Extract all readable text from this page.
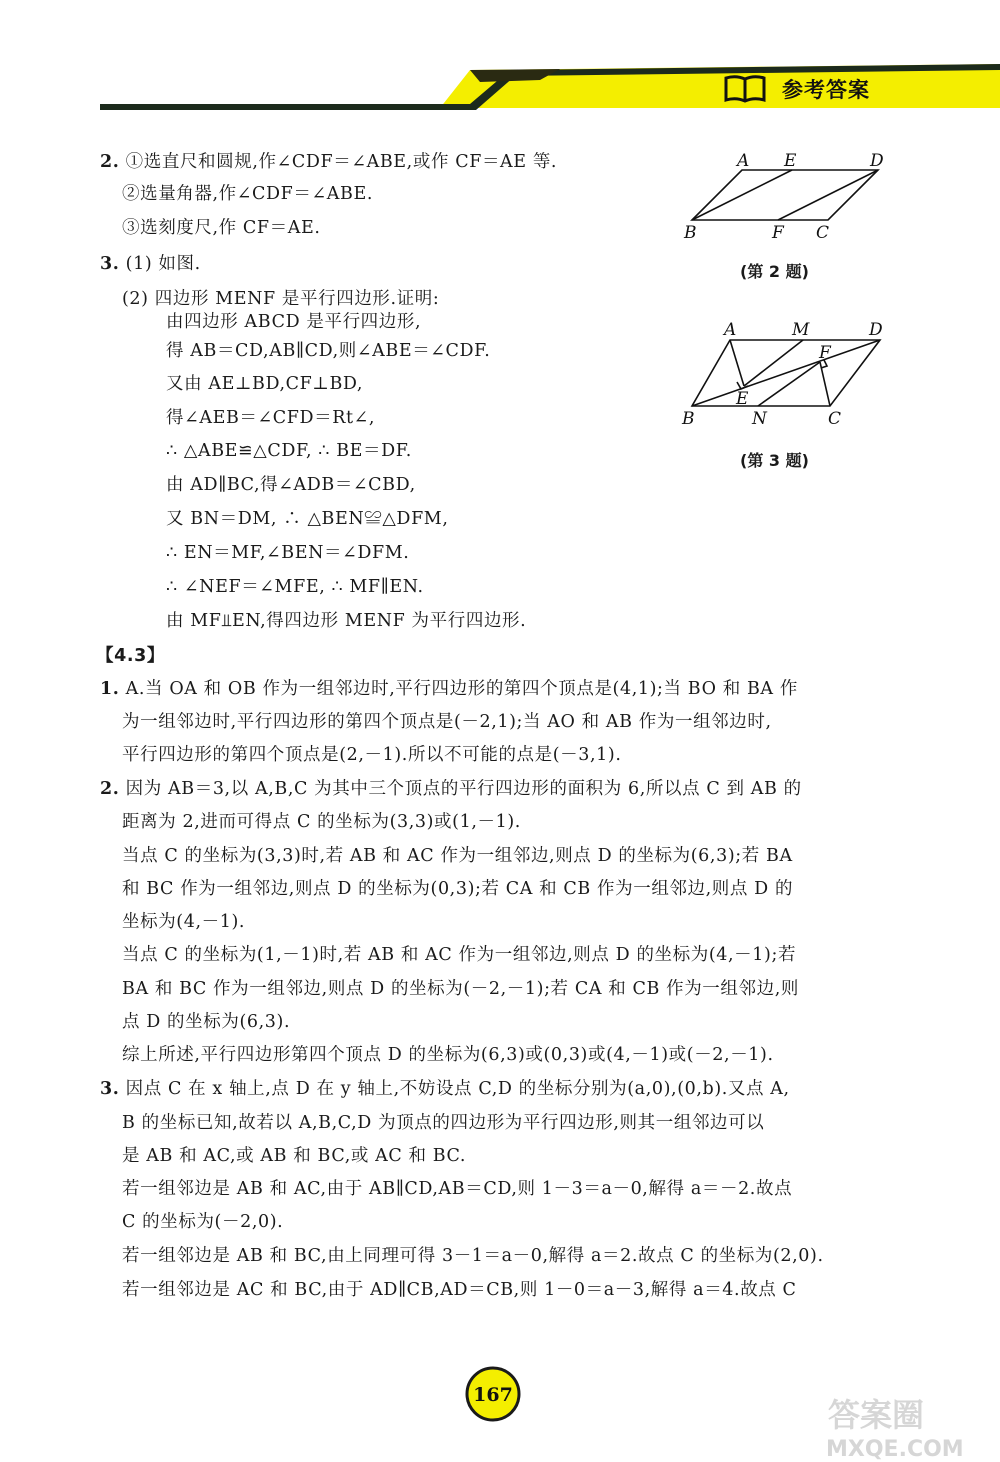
参考答案
2. ①选直尺和圆规,作∠CDF＝∠ABE,或作 CF＝AE 等.
②选量角器,作∠CDF＝∠ABE.
③选刻度尺,作 CF＝AE.
3. (1) 如图.
(2) 四边形 MENF 是平行四边形.证明:
由四边形 ABCD 是平行四边形,
得 AB＝CD,AB∥CD,则∠ABE＝∠CDF.
又由 AE⊥BD,CF⊥BD,
得∠AEB＝∠CFD＝Rt∠,
∴ △ABE≌△CDF, ∴ BE＝DF.
由 AD∥BC,得∠ADB＝∠CBD,
又 BN＝DM, ∴ △BEN≌△DFM,
∴ EN＝MF,∠BEN＝∠DFM.
∴ ∠NEF＝∠MFE, ∴ MF∥EN.
由 MF⫫EN,得四边形 MENF 为平行四边形.
【4.3】
1. A.当 OA 和 OB 作为一组邻边时,平行四边形的第四个顶点是(4,1);当 BO 和 BA 作
为一组邻边时,平行四边形的第四个顶点是(－2,1);当 AO 和 AB 作为一组邻边时,
平行四边形的第四个顶点是(2,－1).所以不可能的点是(－3,1).
2. 因为 AB＝3,以 A,B,C 为其中三个顶点的平行四边形的面积为 6,所以点 C 到 AB 的
距离为 2,进而可得点 C 的坐标为(3,3)或(1,－1).
当点 C 的坐标为(3,3)时,若 AB 和 AC 作为一组邻边,则点 D 的坐标为(6,3);若 BA
和 BC 作为一组邻边,则点 D 的坐标为(0,3);若 CA 和 CB 作为一组邻边,则点 D 的
坐标为(4,－1).
当点 C 的坐标为(1,－1)时,若 AB 和 AC 作为一组邻边,则点 D 的坐标为(4,－1);若
BA 和 BC 作为一组邻边,则点 D 的坐标为(－2,－1);若 CA 和 CB 作为一组邻边,则
点 D 的坐标为(6,3).
综上所述,平行四边形第四个顶点 D 的坐标为(6,3)或(0,3)或(4,－1)或(－2,－1).
3. 因点 C 在 x 轴上,点 D 在 y 轴上,不妨设点 C,D 的坐标分别为(a,0),(0,b).又点 A,
B 的坐标已知,故若以 A,B,C,D 为顶点的四边形为平行四边形,则其一组邻边可以
是 AB 和 AC,或 AB 和 BC,或 AC 和 BC.
若一组邻边是 AB 和 AC,由于 AB∥CD,AB＝CD,则 1－3＝a－0,解得 a＝－2.故点
C 的坐标为(－2,0).
若一组邻边是 AB 和 BC,由上同理可得 3－1＝a－0,解得 a＝2.故点 C 的坐标为(2,0).
若一组邻边是 AC 和 BC,由于 AD∥CB,AD＝CB,则 1－0＝a－3,解得 a＝4.故点 C
A E	D
B	F C
(第 2 题)
A	M	D
F
E
B	N	C
(第 3 题)
167
答案圈
MXQE.COM
